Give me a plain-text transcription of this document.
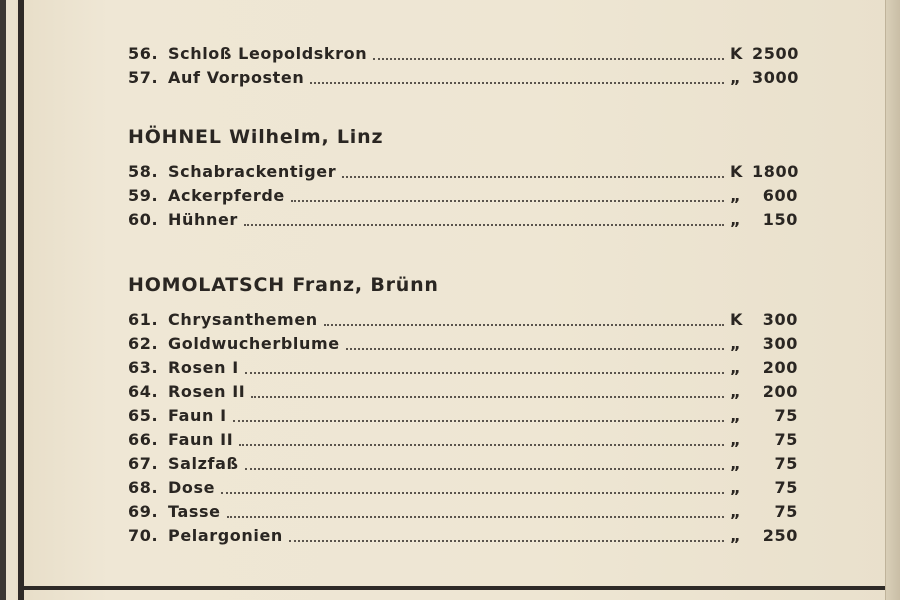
56. Schloß Leopoldskron	K 2500
57. Auf Vorposten	„ 3000
HÖHNEL Wilhelm, Linz
58. Schabrackentiger	K 1800
59. Ackerpferde	„	600
60. Hühner	„	150
HOMOLATSCH Franz, Brünn
61. Chrysanthemen	K	300
62. Goldwucherblume	„	300
63. Rosen I	„	200
64. Rosen II	„	200
65. Faun I	„	75
66. Faun II	„	75
67. Salzfaß	„	75
68. Dose	„	75
69. Tasse	„	75
70. Pelargonien	„	250
